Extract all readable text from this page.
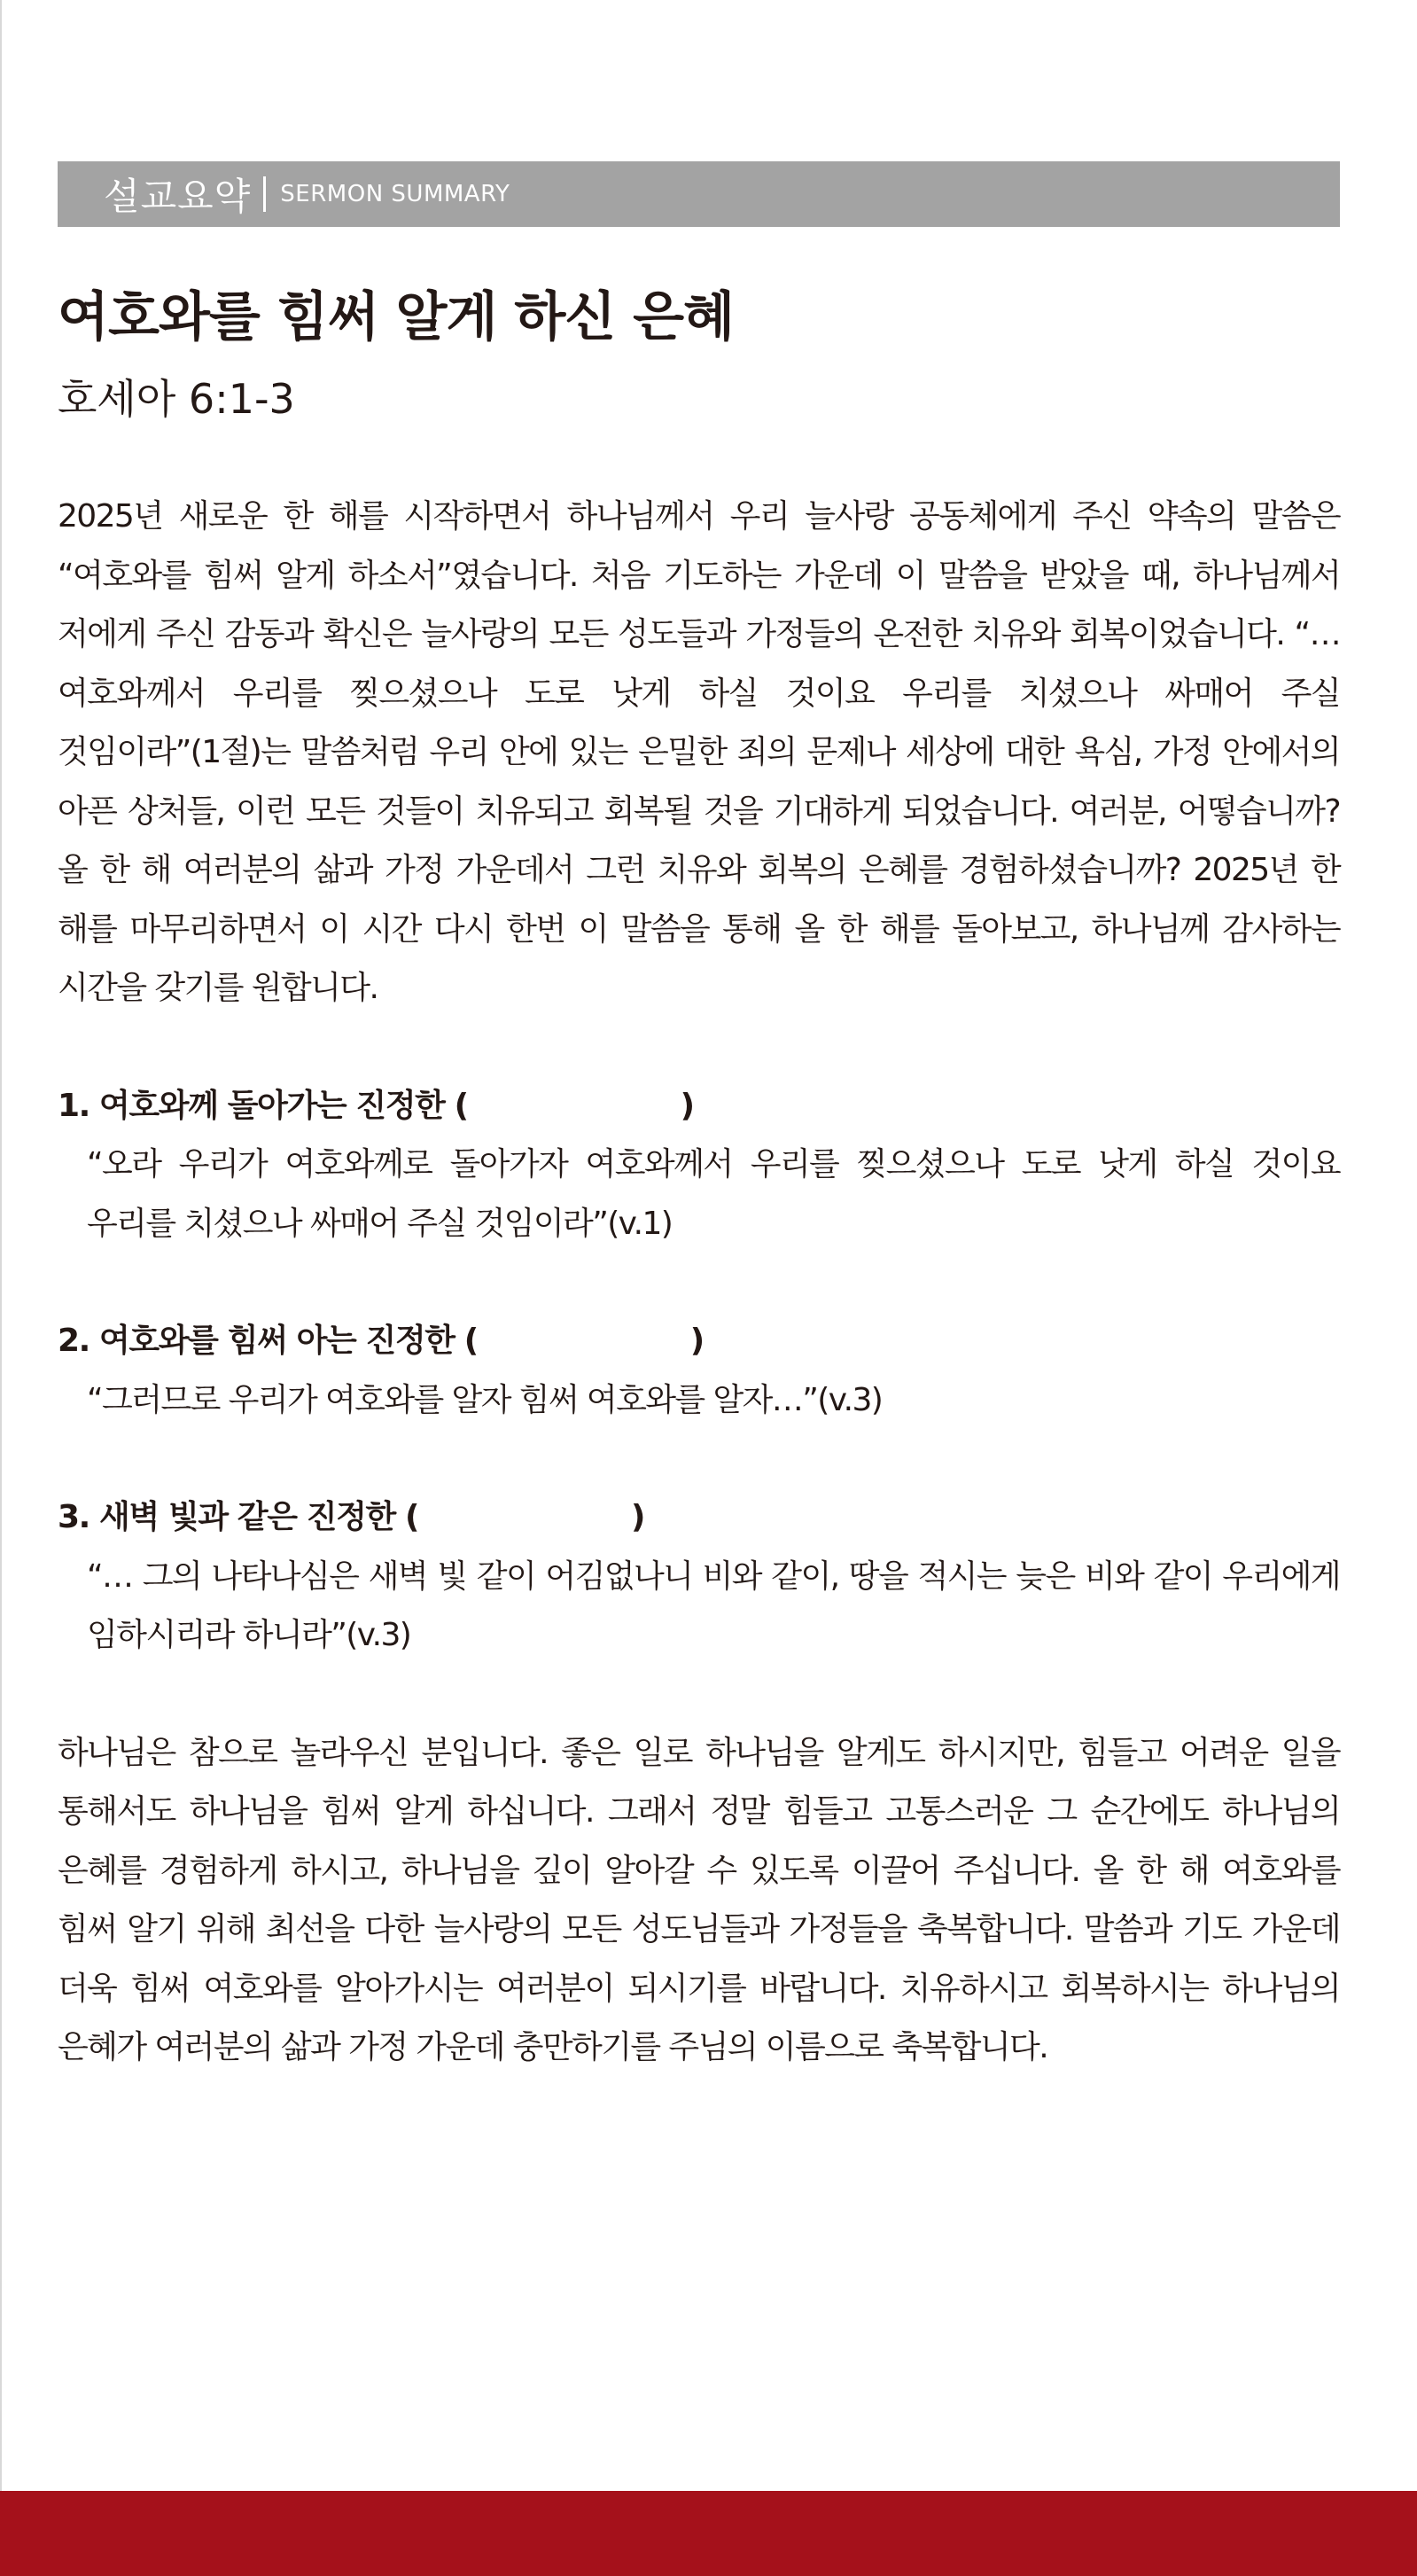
설교요약 SERMON SUMMARY
여호와를 힘써 알게 하신 은혜
호세아 6:1-3

2025년 새로운 한 해를 시작하면서 하나님께서 우리 늘사랑 공동체에게 주신 약속의 말씀은 “여호와를 힘써 알게 하소서”였습니다. 처음 기도하는 가운데 이 말씀을 받았을 때, 하나님께서 저에게 주신 감동과 확신은 늘사랑의 모든 성도들과 가정들의 온전한 치유와 회복이었습니다. “… 여호와께서 우리를 찢으셨으나 도로 낫게 하실 것이요 우리를 치셨으나 싸매어 주실 것임이라”(1절)는 말씀처럼 우리 안에 있는 은밀한 죄의 문제나 세상에 대한 욕심, 가정 안에서의 아픈 상처들, 이런 모든 것들이 치유되고 회복될 것을 기대하게 되었습니다. 여러분, 어떻습니까? 올 한 해 여러분의 삶과 가정 가운데서 그런 치유와 회복의 은혜를 경험하셨습니까? 2025년 한 해를 마무리하면서 이 시간 다시 한번 이 말씀을 통해 올 한 해를 돌아보고, 하나님께 감사하는 시간을 갖기를 원합니다.

1. 여호와께 돌아가는 진정한 (	)

“오라 우리가 여호와께로 돌아가자 여호와께서 우리를 찢으셨으나 도로 낫게 하실 것이요 우리를 치셨으나 싸매어 주실 것임이라”(v.1)

2. 여호와를 힘써 아는 진정한 (	)

“그러므로 우리가 여호와를 알자 힘써 여호와를 알자…”(v.3)

3. 새벽 빛과 같은 진정한 (	)

“… 그의 나타나심은 새벽 빛 같이 어김없나니 비와 같이, 땅을 적시는 늦은 비와 같이 우리에게 임하시리라 하니라”(v.3)

하나님은 참으로 놀라우신 분입니다. 좋은 일로 하나님을 알게도 하시지만, 힘들고 어려운 일을 통해서도 하나님을 힘써 알게 하십니다. 그래서 정말 힘들고 고통스러운 그 순간에도 하나님의 은혜를 경험하게 하시고, 하나님을 깊이 알아갈 수 있도록 이끌어 주십니다. 올 한 해 여호와를 힘써 알기 위해 최선을 다한 늘사랑의 모든 성도님들과 가정들을 축복합니다. 말씀과 기도 가운데 더욱 힘써 여호와를 알아가시는 여러분이 되시기를 바랍니다. 치유하시고 회복하시는 하나님의 은혜가 여러분의 삶과 가정 가운데 충만하기를 주님의 이름으로 축복합니다.
